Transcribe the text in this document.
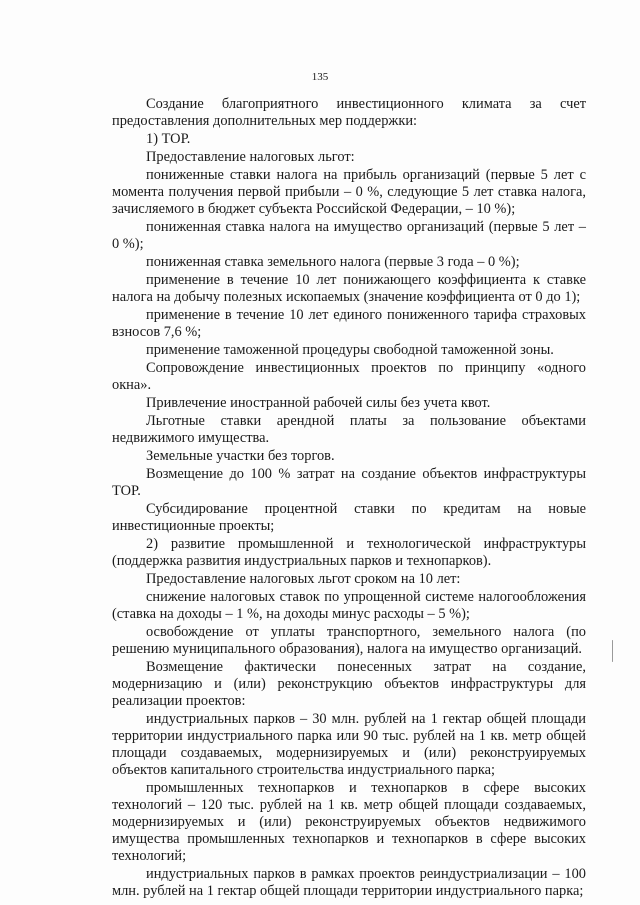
135

Создание благоприятного инвестиционного климата за счет предоставления дополнительных мер поддержки:

1) ТОР.

Предоставление налоговых льгот:

пониженные ставки налога на прибыль организаций (первые 5 лет с момента получения первой прибыли – 0 %, следующие 5 лет ставка налога, зачисляемого в бюджет субъекта Российской Федерации, – 10 %);

пониженная ставка налога на имущество организаций (первые 5 лет – 0 %);

пониженная ставка земельного налога (первые 3 года – 0 %);

применение в течение 10 лет понижающего коэффициента к ставке налога на добычу полезных ископаемых (значение коэффициента от 0 до 1);

применение в течение 10 лет единого пониженного тарифа страховых взносов 7,6 %;

применение таможенной процедуры свободной таможенной зоны.

Сопровождение инвестиционных проектов по принципу «одного окна».

Привлечение иностранной рабочей силы без учета квот.

Льготные ставки арендной платы за пользование объектами недвижимого имущества.

Земельные участки без торгов.

Возмещение до 100 % затрат на создание объектов инфраструктуры ТОР.

Субсидирование процентной ставки по кредитам на новые инвестиционные проекты;

2) развитие промышленной и технологической инфраструктуры (поддержка развития индустриальных парков и технопарков).

Предоставление налоговых льгот сроком на 10 лет:

снижение налоговых ставок по упрощенной системе налогообложения (ставка на доходы – 1 %, на доходы минус расходы – 5 %);

освобождение от уплаты транспортного, земельного налога (по решению муниципального образования), налога на имущество организаций.

Возмещение фактически понесенных затрат на создание, модернизацию и (или) реконструкцию объектов инфраструктуры для реализации проектов:

индустриальных парков – 30 млн. рублей на 1 гектар общей площади территории индустриального парка или 90 тыс. рублей на 1 кв. метр общей площади создаваемых, модернизируемых и (или) реконструируемых объектов капитального строительства индустриального парка;

промышленных технопарков и технопарков в сфере высоких технологий – 120 тыс. рублей на 1 кв. метр общей площади создаваемых, модернизируемых и (или) реконструируемых объектов недвижимого имущества промышленных технопарков и технопарков в сфере высоких технологий;

индустриальных парков в рамках проектов реиндустриализации – 100 млн. рублей на 1 гектар общей площади территории индустриального парка;
